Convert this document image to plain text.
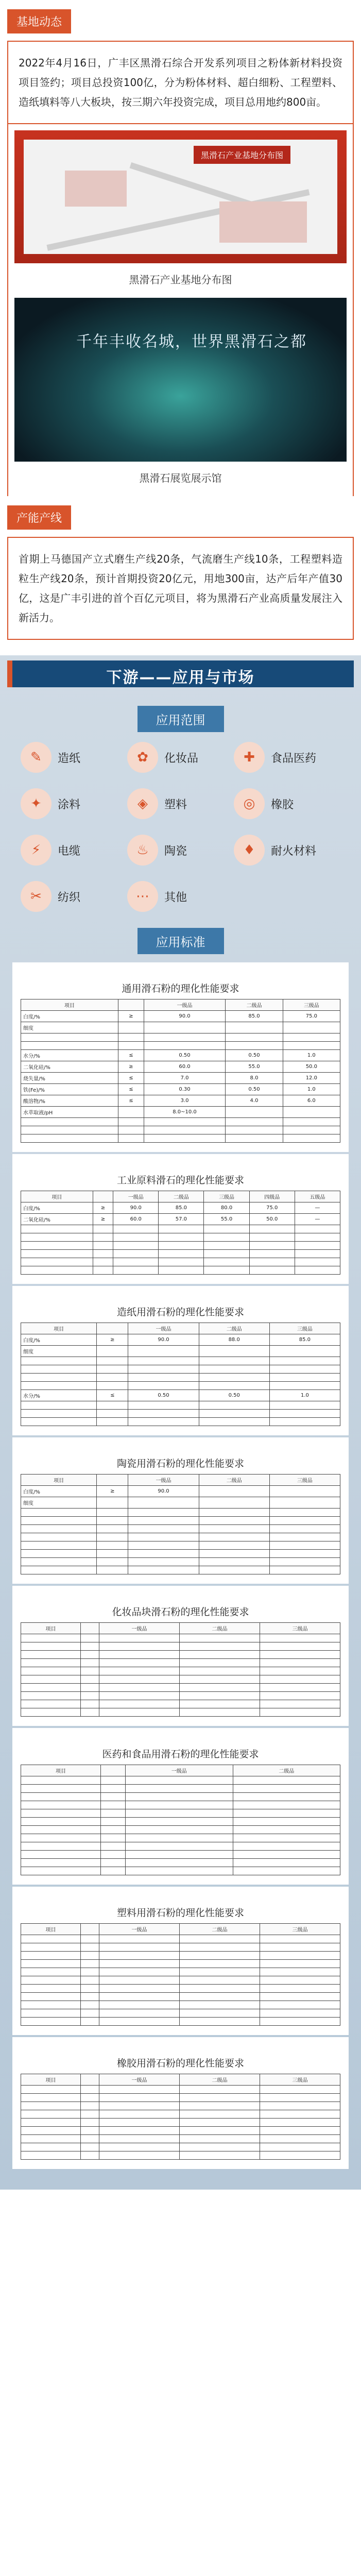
基地动态
2022年4月16日，广丰区黑滑石综合开发系列项目之粉体新材料投资项目签约；项目总投资100亿，分为粉体材料、超白细粉、工程塑料、造纸填料等八大板块，按三期六年投资完成，项目总用地约800亩。
黑滑石产业基地分布图
黑滑石产业基地分布图
千年丰收名城，世界黑滑石之都
黑滑石展览展示馆
产能产线
首期上马德国产立式磨生产线20条，气流磨生产线10条，工程塑料造粒生产线20条，预计首期投资20亿元，用地300亩，达产后年产值30亿，这是广丰引进的首个百亿元项目，将为黑滑石产业高质量发展注入新活力。
下游——应用与市场
应用范围
✎	造纸	✿	化妆品	✚	食品医药
✦	涂料	◈	塑料	◎	橡胶
⚡	电缆	♨	陶瓷	♦	耐火材料
✂	纺织	⋯	其他
应用标准
通用滑石粉的理化性能要求
项目		一级品	二级品	三级品
白度/%	≥	90.0	85.0	75.0
细度				

水分/%	≤	0.50	0.50	1.0
二氧化硅/%	≥	60.0	55.0	50.0
烧失量/%	≤	7.0	8.0	12.0
铁(Fe)/%	≤	0.30	0.50	1.0
酸溶物/%	≤	3.0	4.0	6.0
水萃取液/pH		8.0~10.0		

工业原料滑石的理化性能要求
项目		一级品	二级品	三级品	四级品	五级品
白度/%	≥	90.0	85.0	80.0	75.0	—
二氧化硅/%	≥	60.0	57.0	55.0	50.0	—

造纸用滑石粉的理化性能要求
项目		一级品	二级品	三级品
白度/%	≥	90.0	88.0	85.0
细度				

水分/%	≤	0.50	0.50	1.0

陶瓷用滑石粉的理化性能要求
项目		一级品	二级品	三级品
白度/%	≥	90.0		
细度				

化妆品块滑石粉的理化性能要求
项目		一级品	二级品	三级品

医药和食品用滑石粉的理化性能要求
项目		一级品	二级品

塑料用滑石粉的理化性能要求
项目		一级品	二级品	三级品

橡胶用滑石粉的理化性能要求
项目		一级品	二级品	三级品
